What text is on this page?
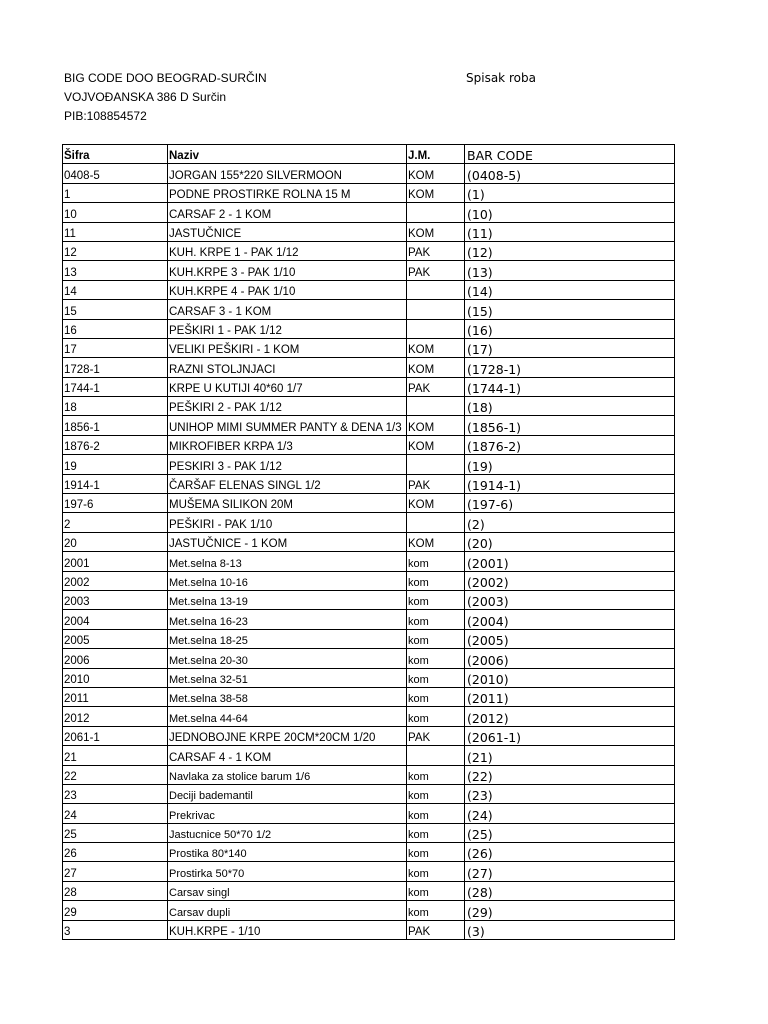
BIG CODE DOO BEOGRAD-SURČIN
VOJVOĐANSKA 386 D Surčin
PIB:108854572
Spisak roba
Šifra	Naziv	J.M.	BAR CODE
0408-5	JORGAN 155*220 SILVERMOON	KOM	(0408-5)
1	PODNE PROSTIRKE ROLNA 15 M	KOM	(1)
10	CARSAF 2 - 1 KOM		(10)
11	JASTUČNICE	KOM	(11)
12	KUH. KRPE 1 - PAK 1/12	PAK	(12)
13	KUH.KRPE 3 - PAK 1/10	PAK	(13)
14	KUH.KRPE 4 - PAK 1/10		(14)
15	CARSAF 3 - 1 KOM		(15)
16	PEŠKIRI 1 - PAK 1/12		(16)
17	VELIKI PEŠKIRI - 1 KOM	KOM	(17)
1728-1	RAZNI STOLJNJACI	KOM	(1728-1)
1744-1	KRPE U KUTIJI 40*60 1/7	PAK	(1744-1)
18	PEŠKIRI 2 - PAK 1/12		(18)
1856-1	UNIHOP MIMI SUMMER PANTY & DENA 1/3	KOM	(1856-1)
1876-2	MIKROFIBER KRPA 1/3	KOM	(1876-2)
19	PESKIRI 3 - PAK 1/12		(19)
1914-1	ČARŠAF ELENAS SINGL 1/2	PAK	(1914-1)
197-6	MUŠEMA SILIKON 20M	KOM	(197-6)
2	PEŠKIRI - PAK 1/10		(2)
20	JASTUČNICE - 1 KOM	KOM	(20)
2001	Met.selna 8-13	kom	(2001)
2002	Met.selna 10-16	kom	(2002)
2003	Met.selna 13-19	kom	(2003)
2004	Met.selna 16-23	kom	(2004)
2005	Met.selna 18-25	kom	(2005)
2006	Met.selna 20-30	kom	(2006)
2010	Met.selna 32-51	kom	(2010)
2011	Met.selna 38-58	kom	(2011)
2012	Met.selna 44-64	kom	(2012)
2061-1	JEDNOBOJNE KRPE 20CM*20CM 1/20	PAK	(2061-1)
21	CARSAF 4 - 1 KOM		(21)
22	Navlaka za stolice barum 1/6	kom	(22)
23	Deciji bademantil	kom	(23)
24	Prekrivac	kom	(24)
25	Jastucnice 50*70 1/2	kom	(25)
26	Prostika 80*140	kom	(26)
27	Prostirka 50*70	kom	(27)
28	Carsav singl	kom	(28)
29	Carsav dupli	kom	(29)
3	KUH.KRPE - 1/10	PAK	(3)
